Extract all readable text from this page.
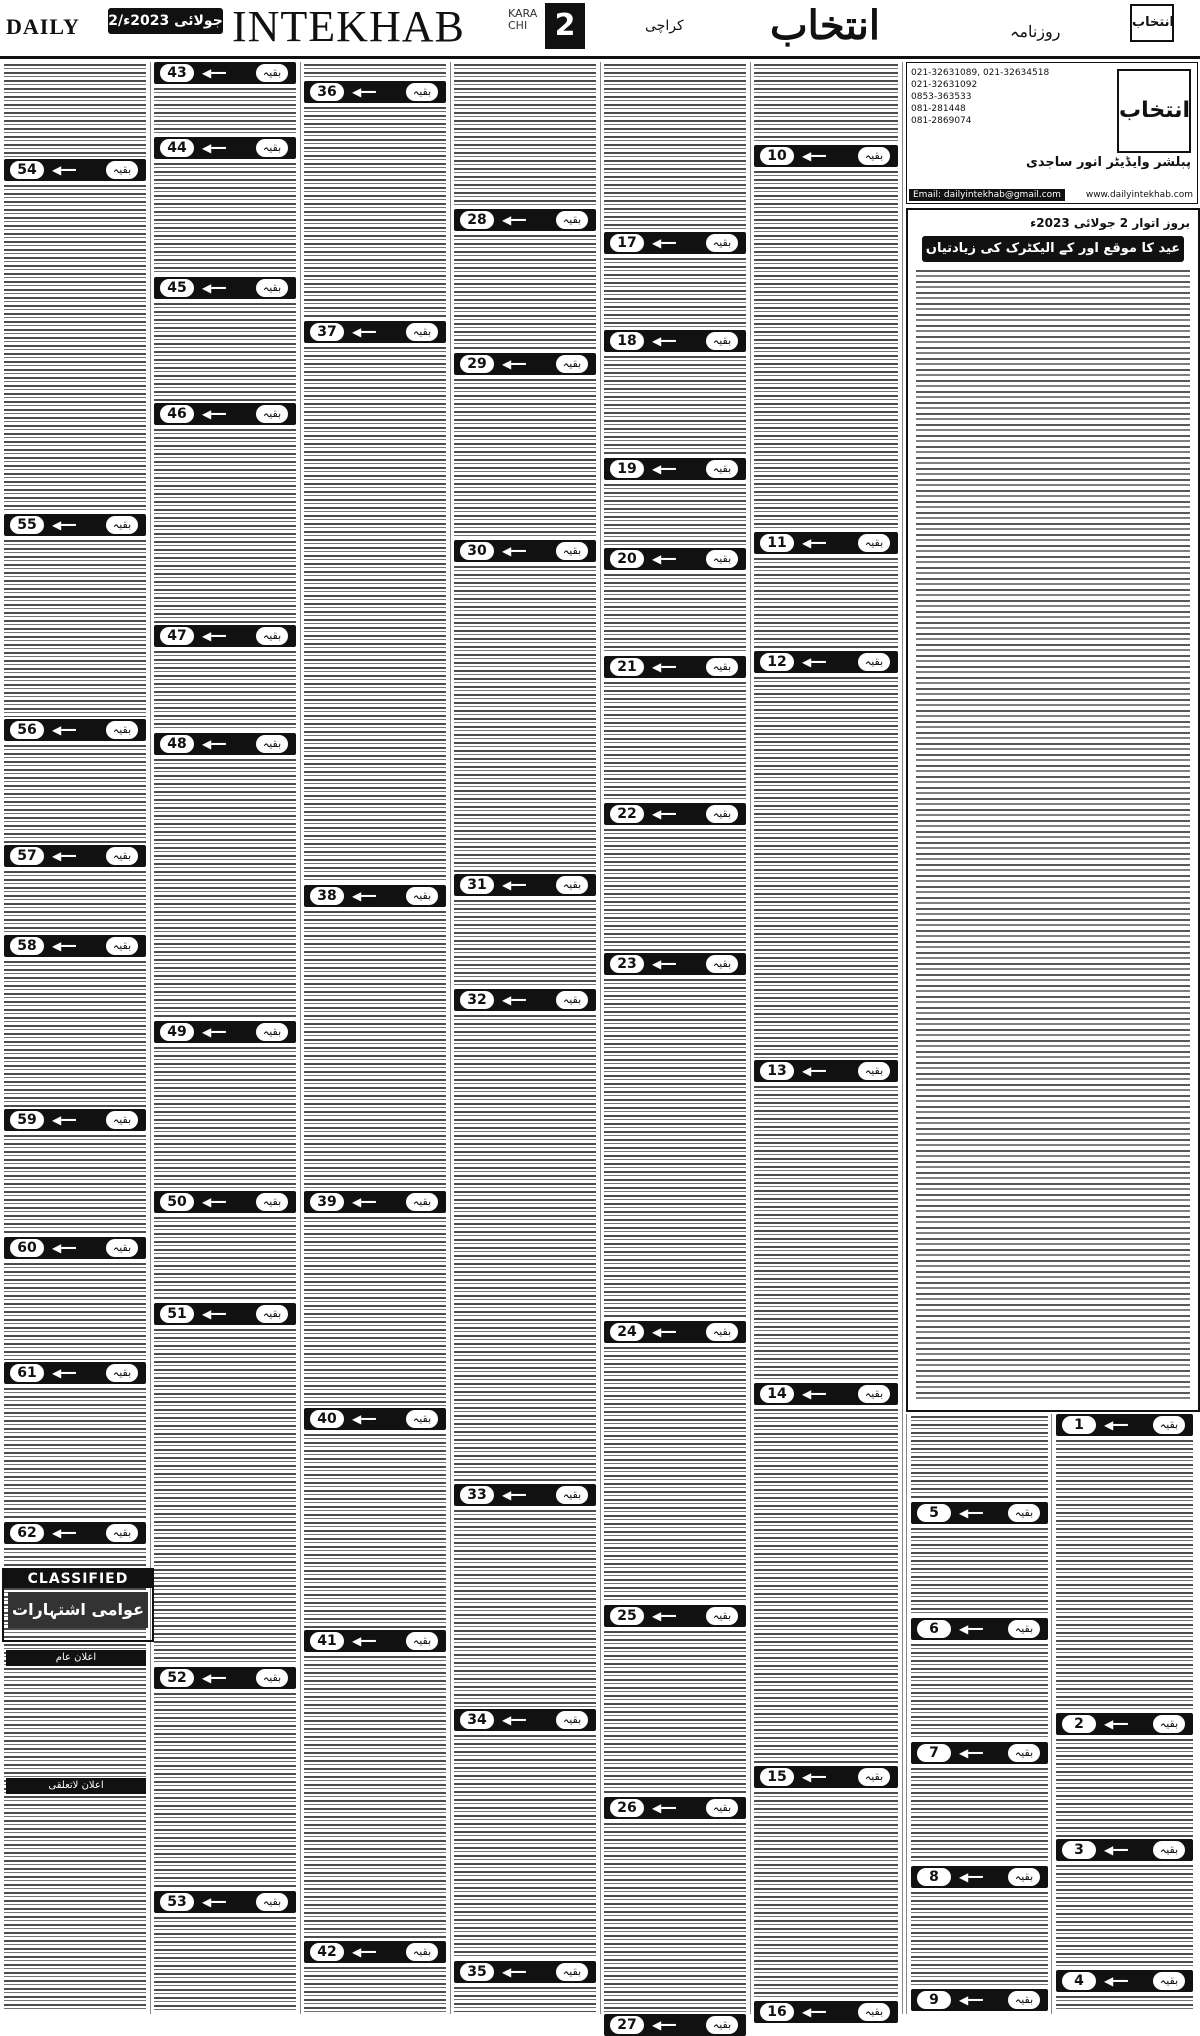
DAILY 2/جولائی 2023ء INTEKHAB	KARA
CHI 2	کراچی	روزنامہ
انتخاب	انتخاب
54	◀━━	بقیہ
55	◀━━	بقیہ
56	◀━━	بقیہ
57	◀━━	بقیہ
58	◀━━	بقیہ
59	◀━━	بقیہ
60	◀━━	بقیہ
61	◀━━	بقیہ
62	◀━━	بقیہ
43	◀━━	بقیہ
44	◀━━	بقیہ
45	◀━━	بقیہ
46	◀━━	بقیہ
47	◀━━	بقیہ
48	◀━━	بقیہ
49	◀━━	بقیہ
50	◀━━	بقیہ
51	◀━━	بقیہ
52	◀━━	بقیہ
53	◀━━	بقیہ
36	◀━━	بقیہ
37	◀━━	بقیہ
38	◀━━	بقیہ
39	◀━━	بقیہ
40	◀━━	بقیہ
41	◀━━	بقیہ
42	◀━━	بقیہ
28	◀━━	بقیہ
29	◀━━	بقیہ
30	◀━━	بقیہ
31	◀━━	بقیہ
32	◀━━	بقیہ
33	◀━━	بقیہ
34	◀━━	بقیہ
35	◀━━	بقیہ
17	◀━━	بقیہ
18	◀━━	بقیہ
19	◀━━	بقیہ
20	◀━━	بقیہ
21	◀━━	بقیہ
22	◀━━	بقیہ
23	◀━━	بقیہ
24	◀━━	بقیہ
25	◀━━	بقیہ
26	◀━━	بقیہ
27	◀━━	بقیہ
10	◀━━	بقیہ
11	◀━━	بقیہ
12	◀━━	بقیہ
13	◀━━	بقیہ
14	◀━━	بقیہ
15	◀━━	بقیہ
16	◀━━	بقیہ
CLASSIFIED
عوامی اشتہارات
اعلان عام
اعلان لاتعلقی
021-32631089, 021-32634518
021-32631092
0853-363533
081-281448
081-2869074	انتخاب
پبلشر وایڈیٹر انور ساجدی
Email: dailyintekhab@gmail.com	www.dailyintekhab.com
بروز اتوار 2 جولائی 2023ء
عید کا موقع اور کے الیکٹرک کی زیادتیاں
1	◀━━	بقیہ
2	◀━━	بقیہ
3	◀━━	بقیہ
4	◀━━	بقیہ
5	◀━━	بقیہ
6	◀━━	بقیہ
7	◀━━	بقیہ
8	◀━━	بقیہ
9	◀━━	بقیہ
